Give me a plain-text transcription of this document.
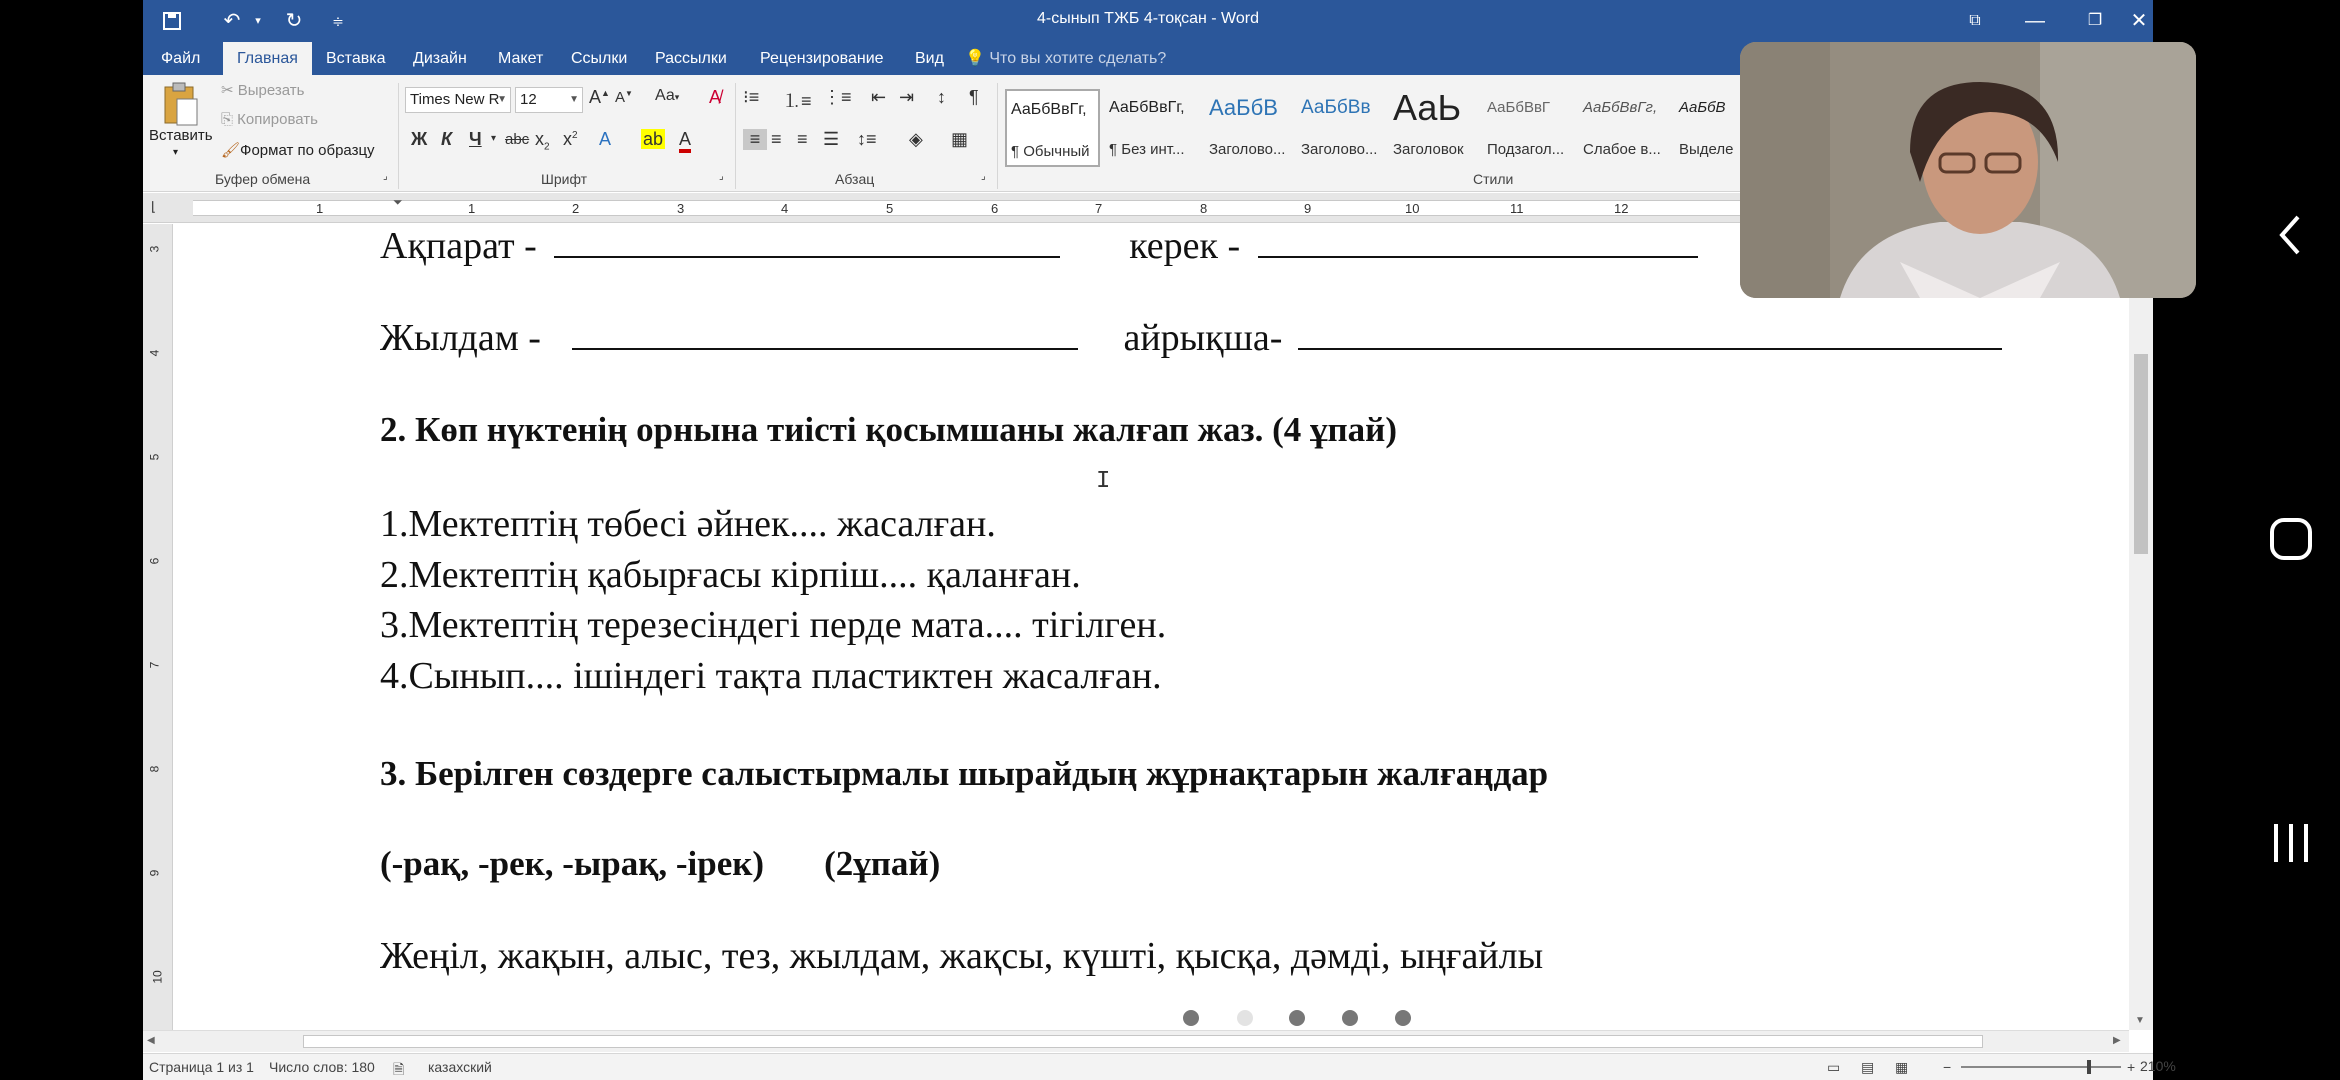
↶	▾	↻	≑	4-сынып ТЖБ 4-тоқсан - Word	⧉	—	❐	✕
Файл	Главная	Вставка Дизайн Макет Ссылки Рассылки Рецензирование Вид 💡 Что вы хотите сделать?
Вставить
▾
✂ Вырезать
⎘ Копировать
🖌Формат по образцу
Буфер обмена	⌟
Times New R
▼ 12	▼ A▲ A▼ Аа▾ A̸
Ж К Ч ▾ abc $x_2$ $x^2$ A ab A
Шрифт	⌟
⁝≡ ⒈≡ ⋮≡ ⇤ ⇥ ↕ ¶
≡ ≡ ≡ ☰ ↕≡ ◈ ▦
Абзац	⌟
АаБбВвГг,
¶ Обычный
АаБбВвГг,
¶ Без инт...
АаБбВ
Заголово...
АаБбВв
Заголово...
АаЬ
Заголовок
АаБбВвГ
Подзагол...
АаБбВвГг,
Слабое в...
АаБбВ
Выделе
Стили
⌊	⏷
1	1	2	3	4	5	6	7	8	9	10	11	12
3
4
5
6
7
8
9
10
Ақпарат -	керек -
Жылдам -	айрықша-
2. Көп нүктенің орнына тиісті қосымшаны жалғап жаз. (4 ұпай)
I
1.Мектептің төбесі әйнек.... жасалған.
2.Мектептің қабырғасы кірпіш.... қаланған.
3.Мектептің терезесіндегі перде мата.... тігілген.
4.Сынып.... ішіндегі тақта пластиктен жасалған.
3. Берілген сөздерге салыстырмалы шырайдың жұрнақтарын жалғаңдар
(-рақ, -рек, -ырақ, -ірек) (2ұпай)
Жеңіл, жақын, алыс, тез, жылдам, жақсы, күшті, қысқа, дәмді, ыңғайлы
▼
◀	▶
Страница 1 из 1 Число слов: 180 🗎 казахский	▭ ▤ ▦ −	+ 210%
